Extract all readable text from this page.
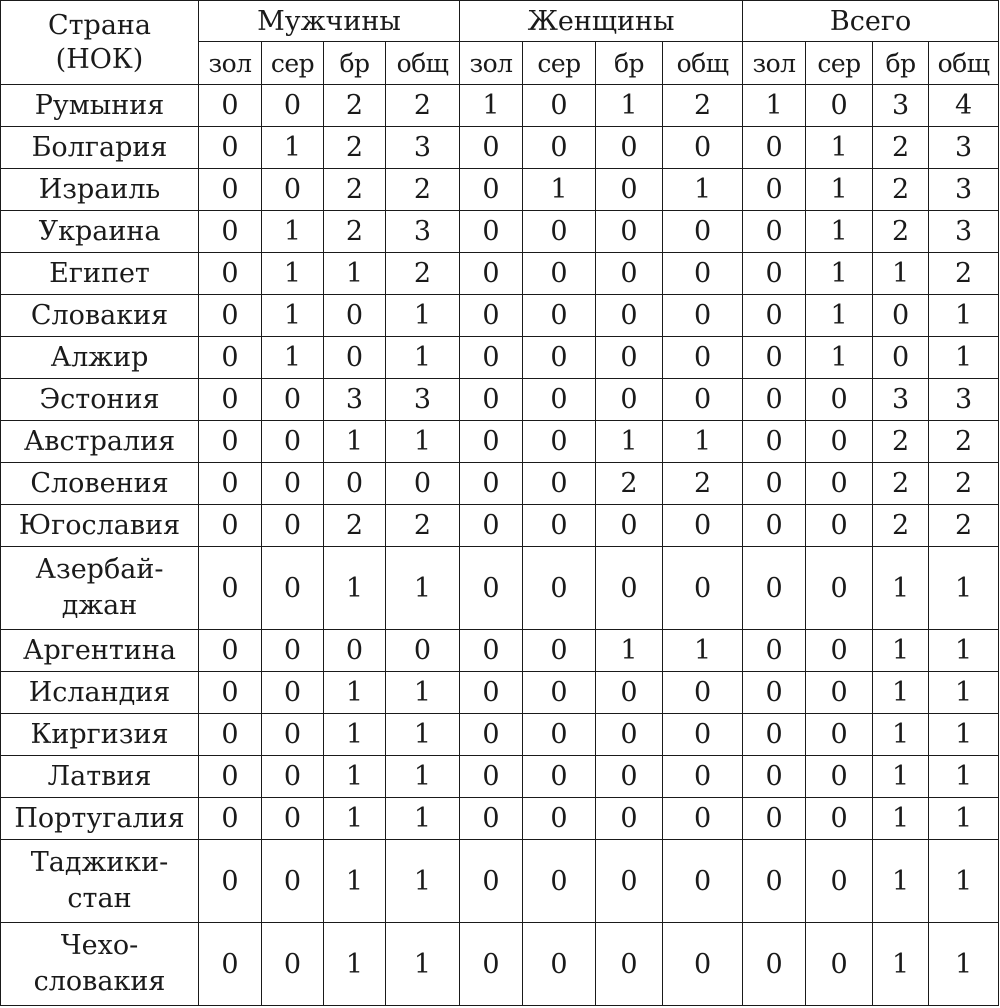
Страна
(НОК)	Мужчины				Женщины				Всего			
	зол	сер	бр	общ	зол	сер	бр	общ	зол	сер	бр	общ
Румыния	0	0	2	2	1	0	1	2	1	0	3	4
Болгария	0	1	2	3	0	0	0	0	0	1	2	3
Израиль	0	0	2	2	0	1	0	1	0	1	2	3
Украина	0	1	2	3	0	0	0	0	0	1	2	3
Египет	0	1	1	2	0	0	0	0	0	1	1	2
Словакия	0	1	0	1	0	0	0	0	0	1	0	1
Алжир	0	1	0	1	0	0	0	0	0	1	0	1
Эстония	0	0	3	3	0	0	0	0	0	0	3	3
Австралия	0	0	1	1	0	0	1	1	0	0	2	2
Словения	0	0	0	0	0	0	2	2	0	0	2	2
Югославия	0	0	2	2	0	0	0	0	0	0	2	2
Азербай-
джан	0	0	1	1	0	0	0	0	0	0	1	1
Аргентина	0	0	0	0	0	0	1	1	0	0	1	1
Исландия	0	0	1	1	0	0	0	0	0	0	1	1
Киргизия	0	0	1	1	0	0	0	0	0	0	1	1
Латвия	0	0	1	1	0	0	0	0	0	0	1	1
Португалия	0	0	1	1	0	0	0	0	0	0	1	1
Таджики-
стан	0	0	1	1	0	0	0	0	0	0	1	1
Чехо-
словакия	0	0	1	1	0	0	0	0	0	0	1	1
